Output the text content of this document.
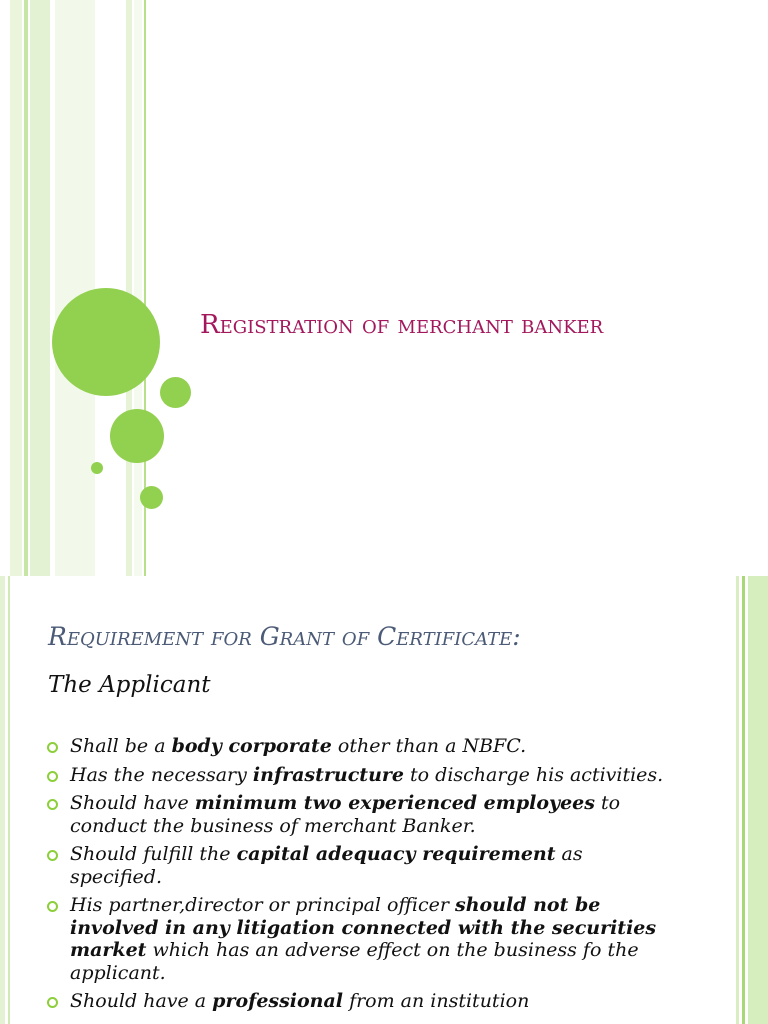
Registration of merchant banker
Requirement for Grant of Certificate:
The Applicant
Shall be a body corporate other than a NBFC.
Has the necessary infrastructure to discharge his activities.
Should have minimum two experienced employees to conduct the business of merchant Banker.
Should fulfill the capital adequacy requirement as specified.
His partner,director or principal officer should not be involved in any litigation connected with the securities market which has an adverse effect on the business fo the applicant.
Should have a professional from an institution
